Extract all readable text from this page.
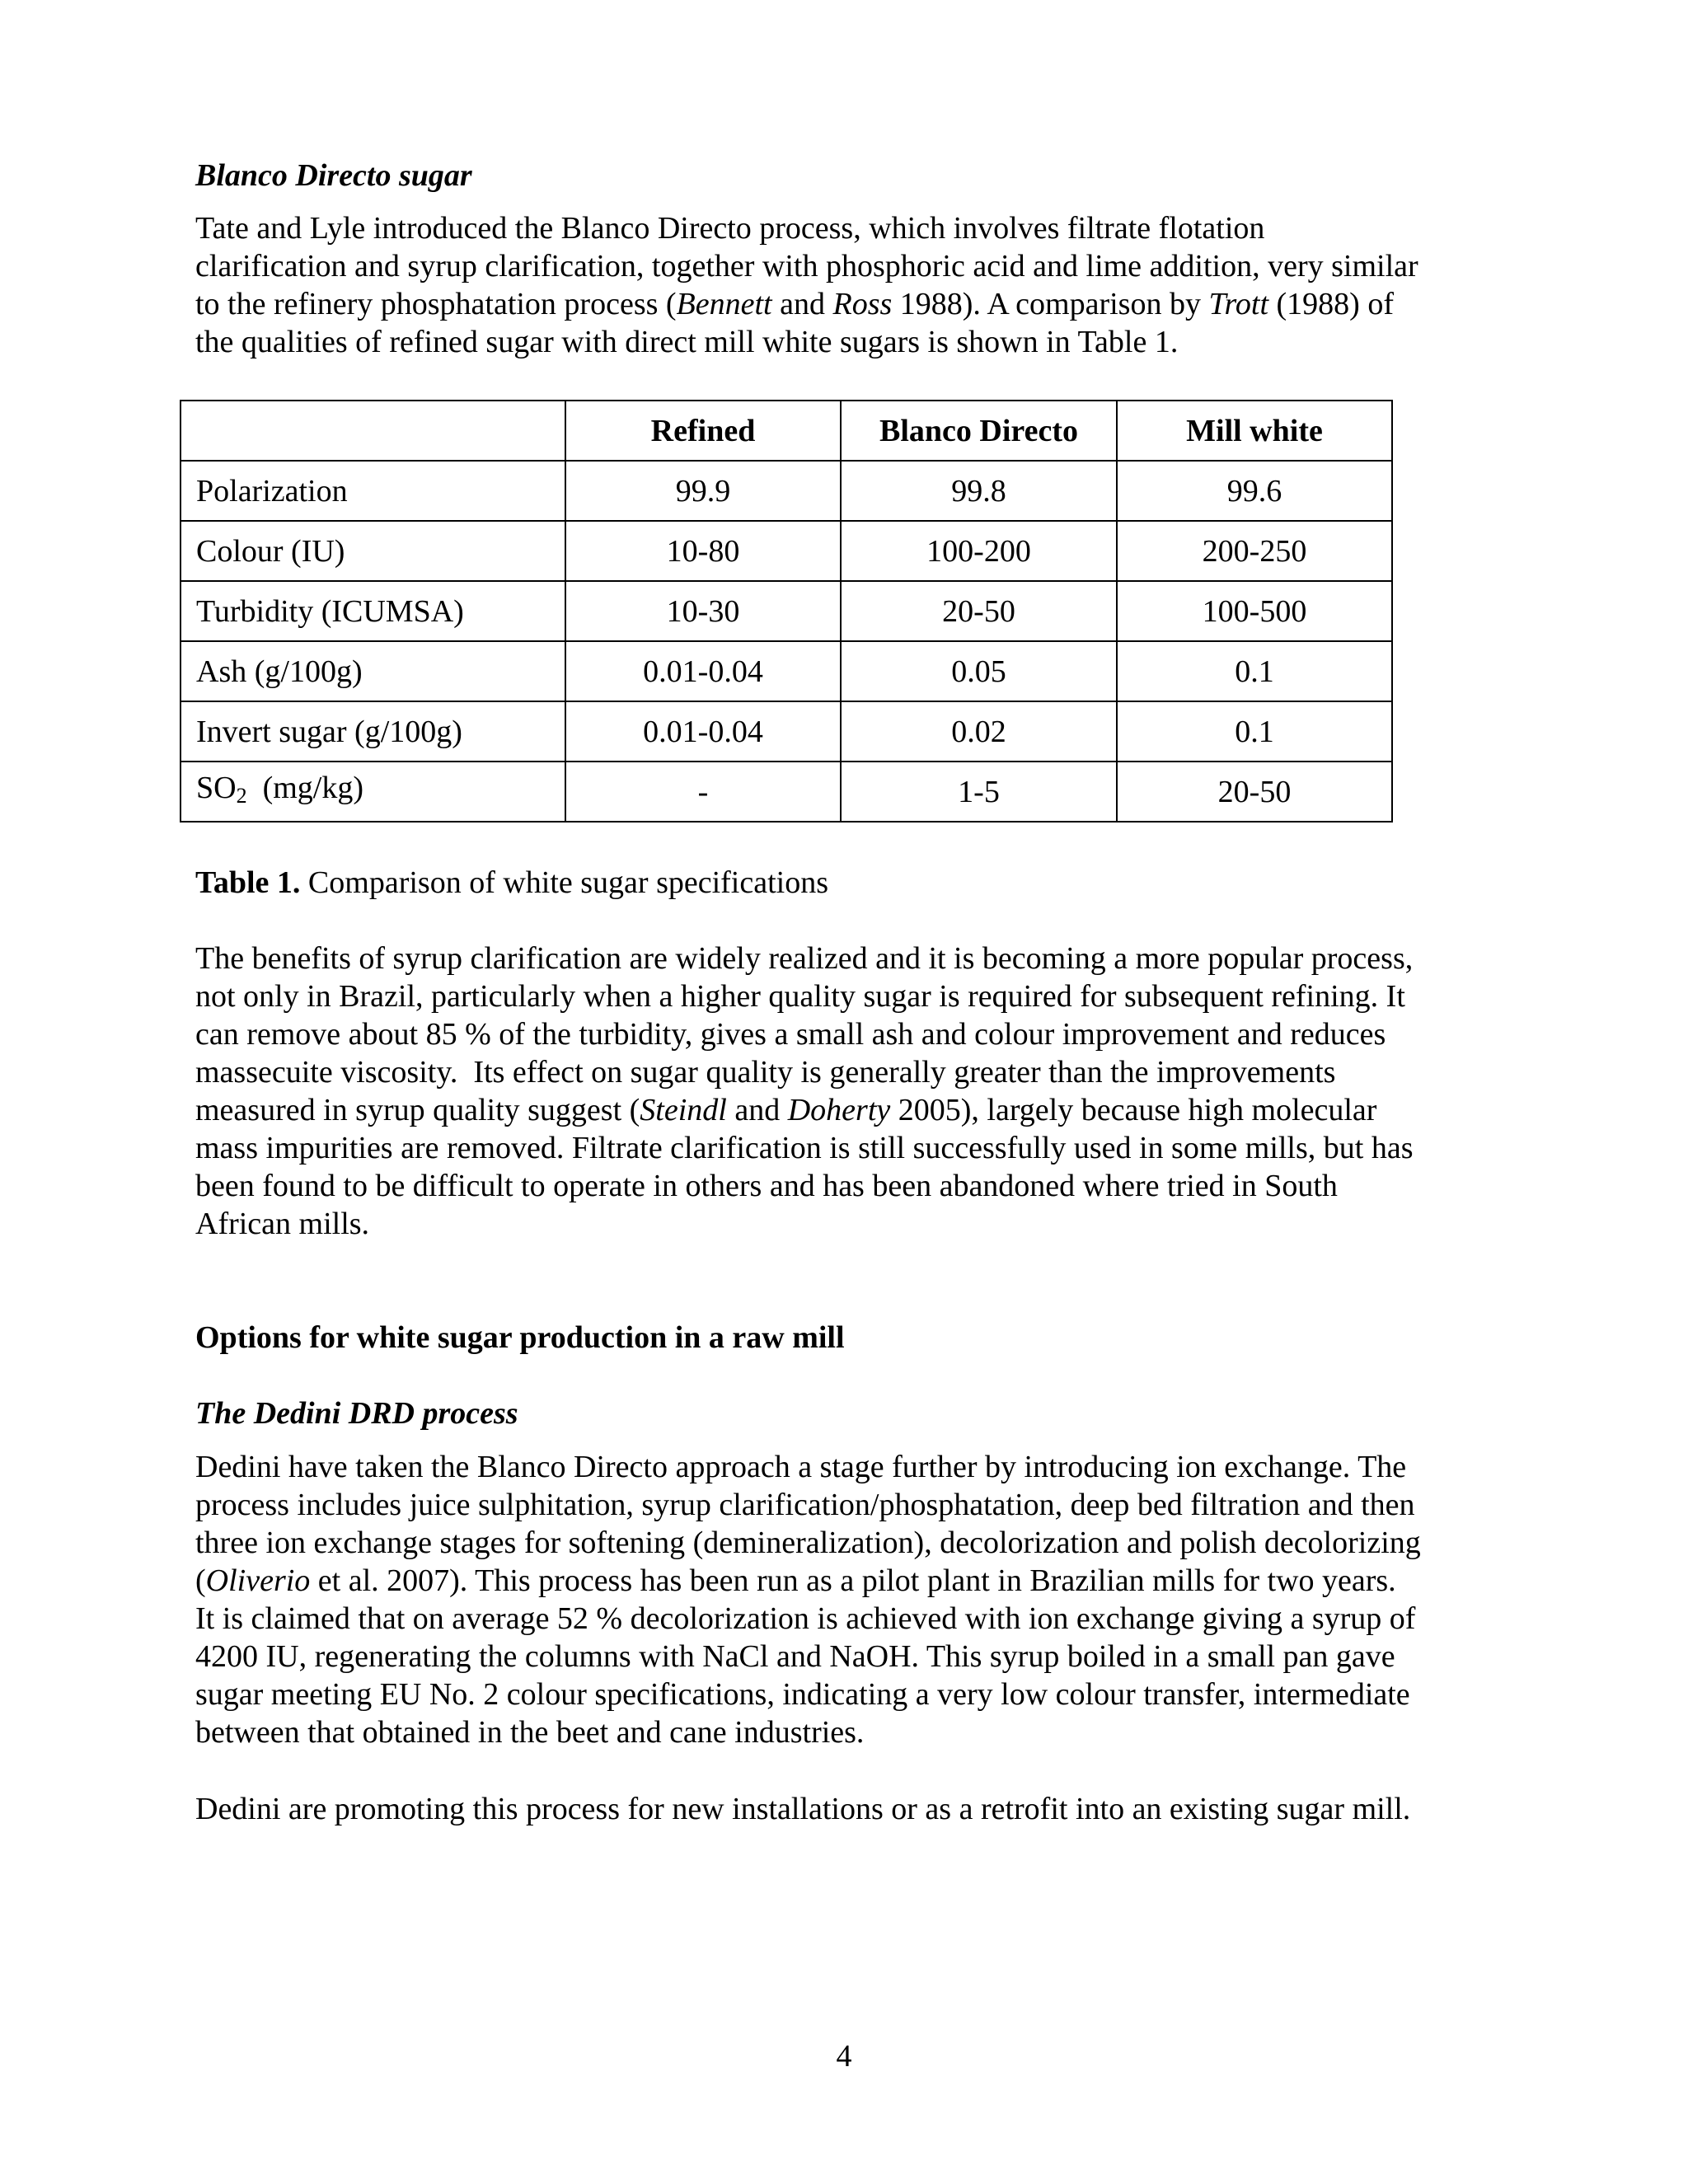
Blanco Directo sugar
Tate and Lyle introduced the Blanco Directo process, which involves filtrate flotation
clarification and syrup clarification, together with phosphoric acid and lime addition, very similar
to the refinery phosphatation process (Bennett and Ross 1988). A comparison by Trott (1988) of
the qualities of refined sugar with direct mill white sugars is shown in Table 1.
	Refined	Blanco Directo	Mill white
Polarization	99.9	99.8	99.6
Colour (IU)	10-80	100-200	200-250
Turbidity (ICUMSA)	10-30	20-50	100-500
Ash (g/100g)	0.01-0.04	0.05	0.1
Invert sugar (g/100g)	0.01-0.04	0.02	0.1
$SO_2$  (mg/kg)	-	1-5	20-50
Table 1. Comparison of white sugar specifications
The benefits of syrup clarification are widely realized and it is becoming a more popular process,
not only in Brazil, particularly when a higher quality sugar is required for subsequent refining. It
can remove about 85 % of the turbidity, gives a small ash and colour improvement and reduces
massecuite viscosity.  Its effect on sugar quality is generally greater than the improvements
measured in syrup quality suggest (Steindl and Doherty 2005), largely because high molecular
mass impurities are removed. Filtrate clarification is still successfully used in some mills, but has
been found to be difficult to operate in others and has been abandoned where tried in South
African mills.
Options for white sugar production in a raw mill
The Dedini DRD process
Dedini have taken the Blanco Directo approach a stage further by introducing ion exchange. The
process includes juice sulphitation, syrup clarification/phosphatation, deep bed filtration and then
three ion exchange stages for softening (demineralization), decolorization and polish decolorizing
(Oliverio et al. 2007). This process has been run as a pilot plant in Brazilian mills for two years.
It is claimed that on average 52 % decolorization is achieved with ion exchange giving a syrup of
4200 IU, regenerating the columns with NaCl and NaOH. This syrup boiled in a small pan gave
sugar meeting EU No. 2 colour specifications, indicating a very low colour transfer, intermediate
between that obtained in the beet and cane industries.
Dedini are promoting this process for new installations or as a retrofit into an existing sugar mill.
4
